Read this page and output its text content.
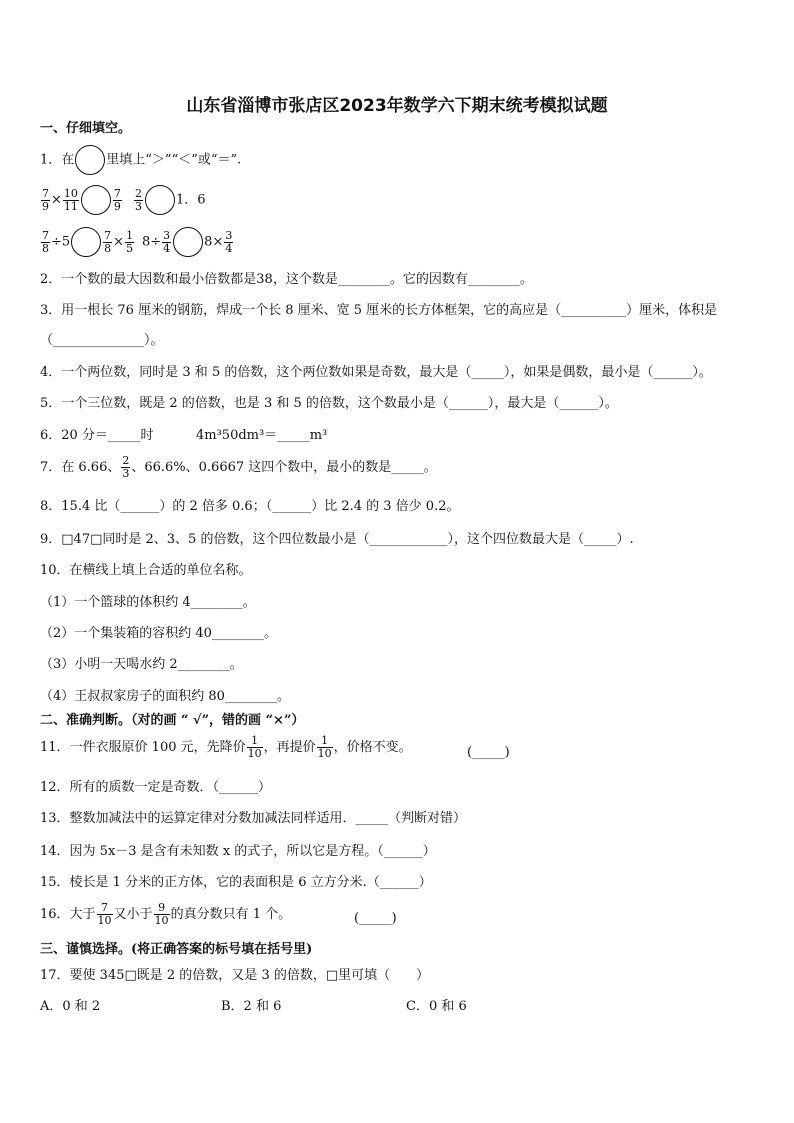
山东省淄博市张店区2023年数学六下期末统考模拟试题
一、仔细填空。
1．在 里填上“＞”“＜”或“＝”.
$\frac{7}{9} \times \frac{10}{11}$	$\frac{7}{9} \frac{2}{3}$	1．6
$\frac{7}{8} \div 5$	$\frac{7}{8} \times \frac{1}{5} 8\div \frac{3}{4}$	$8\times \frac{3}{4}$
2．一个数的最大因数和最小倍数都是38，这个数是________。它的因数有________。
3．用一根长 76 厘米的钢筋，焊成一个长 8 厘米、宽 5 厘米的长方体框架，它的高应是（__________）厘米，体积是
（______________）。
4．一个两位数，同时是 3 和 5 的倍数，这个两位数如果是奇数，最大是（_____），如果是偶数，最小是（______）。
5．一个三位数，既是 2 的倍数，也是 3 和 5 的倍数，这个数最小是（______），最大是（______）。
6．20 分＝_____时	4m³50dm³＝_____m³
7．在 6.66、 $\frac{2}{3}$ 、66.6%、0.6667 这四个数中，最小的数是_____。
8．15.4 比（______）的 2 倍多 0.6；（______）比 2.4 的 3 倍少 0.2。
9．□47□同时是 2、3、5 的倍数，这个四位数最小是（____________），这个四位数最大是（_____）.
10．在横线上填上合适的单位名称。
（1）一个篮球的体积约 4________。
（2）一个集装箱的容积约 40________。
（3）小明一天喝水约 2________。
（4）王叔叔家房子的面积约 80________。
二、准确判断。（对的画 “ √”，错的画 “×”）
11．一件衣服原价 100 元，先降价 $\frac{1}{10}$ ，再提价 $\frac{1}{10}$ ，价格不变。	(_____)
12．所有的质数一定是奇数．（______）
13．整数加减法中的运算定律对分数加减法同样适用．_____（判断对错）
14．因为 5x－3 是含有未知数 x 的式子，所以它是方程。（______）
15．棱长是 1 分米的正方体，它的表面积是 6 立方分米.（______）
16．大于 $\frac{7}{10}$ 又小于 $\frac{9}{10}$ 的真分数只有 1 个。	(_____)
三、谨慎选择。(将正确答案的标号填在括号里)
17．要使 345□既是 2 的倍数，又是 3 的倍数，□里可填（　　）
A．0 和 2	B．2 和 6	C．0 和 6
